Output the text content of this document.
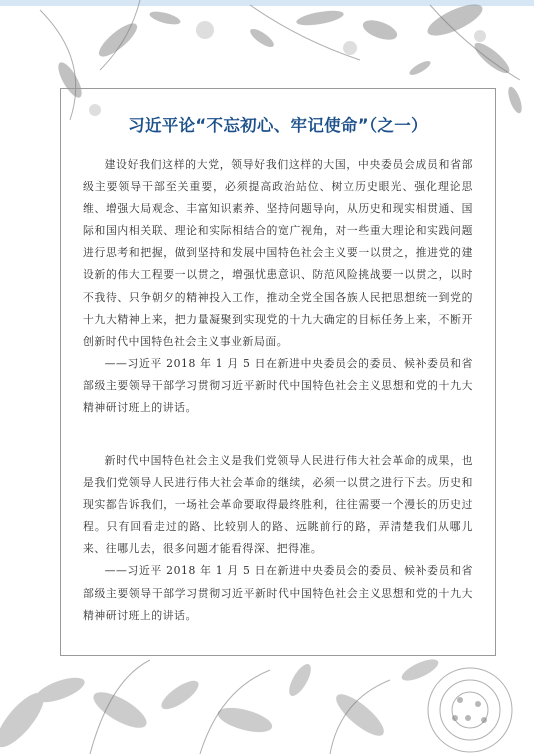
习近平论“不忘初心、牢记使命”（之一）

建设好我们这样的大党，领导好我们这样的大国，中央委员会成员和省部级主要领导干部至关重要，必须提高政治站位、树立历史眼光、强化理论思维、增强大局观念、丰富知识素养、坚持问题导向，从历史和现实相贯通、国际和国内相关联、理论和实际相结合的宽广视角，对一些重大理论和实践问题进行思考和把握，做到坚持和发展中国特色社会主义要一以贯之，推进党的建设新的伟大工程要一以贯之，增强忧患意识、防范风险挑战要一以贯之，以时不我待、只争朝夕的精神投入工作，推动全党全国各族人民把思想统一到党的十九大精神上来，把力量凝聚到实现党的十九大确定的目标任务上来，不断开创新时代中国特色社会主义事业新局面。

——习近平 2018 年 1 月 5 日在新进中央委员会的委员、候补委员和省部级主要领导干部学习贯彻习近平新时代中国特色社会主义思想和党的十九大精神研讨班上的讲话。

新时代中国特色社会主义是我们党领导人民进行伟大社会革命的成果，也是我们党领导人民进行伟大社会革命的继续，必须一以贯之进行下去。历史和现实都告诉我们，一场社会革命要取得最终胜利，往往需要一个漫长的历史过程。只有回看走过的路、比较别人的路、远眺前行的路，弄清楚我们从哪儿来、往哪儿去，很多问题才能看得深、把得准。

——习近平 2018 年 1 月 5 日在新进中央委员会的委员、候补委员和省部级主要领导干部学习贯彻习近平新时代中国特色社会主义思想和党的十九大精神研讨班上的讲话。
